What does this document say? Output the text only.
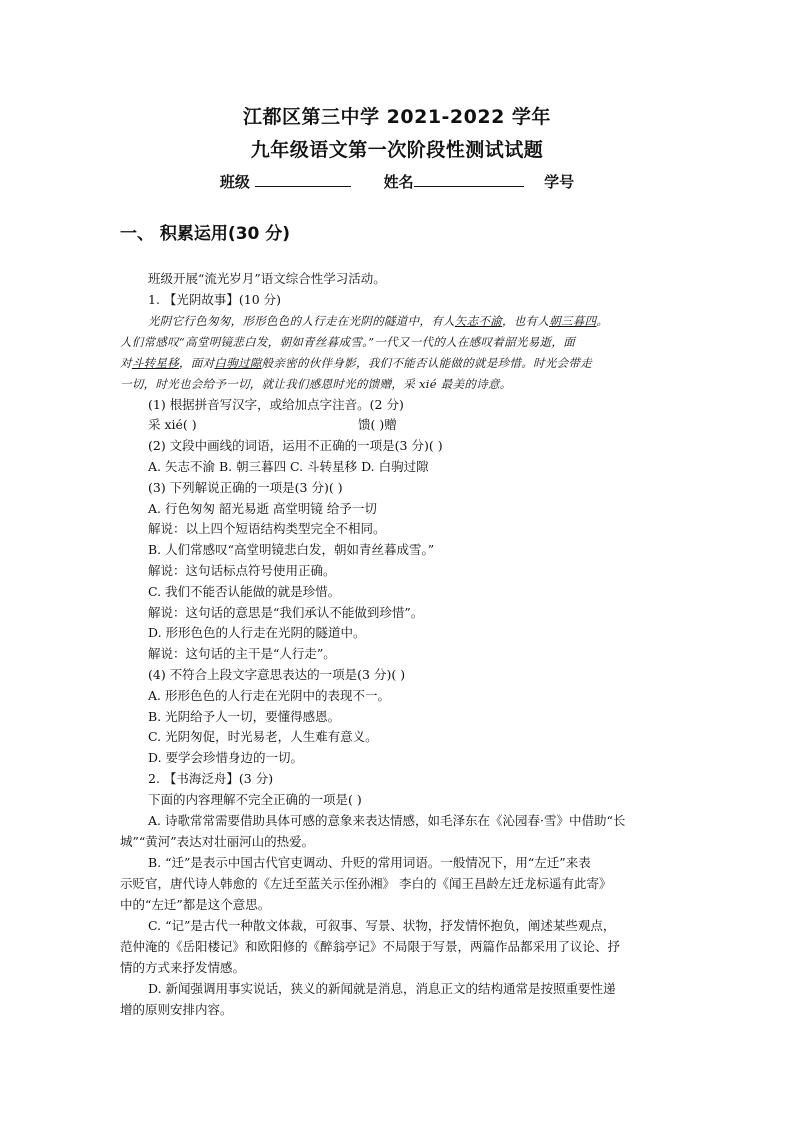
江都区第三中学 2021-2022 学年
九年级语文第一次阶段性测试试题
班级	姓名	学号
一、 积累运用(30 分)
班级开展“流光岁月”语文综合性学习活动。
1. 【光阴故事】(10 分)
光阴它行色匆匆，形形色色的人行走在光阴的隧道中，有人矢志不渝，也有人朝三暮四。
人们常感叹“高堂明镜悲白发，朝如青丝暮成雪。”一代又一代的人在感叹着韶光易逝，面
对斗转星移，面对白驹过隙般亲密的伙伴身影，我们不能否认能做的就是珍惜。时光会带走
一切，时光也会给予一切，就让我们感恩时光的馈赠，采 xié 最美的诗意。
(1) 根据拼音写汉字，或给加点字注音。(2 分)
采 xié( )	馈( )赠
(2) 文段中画线的词语，运用不正确的一项是(3 分)( )
A. 矢志不渝 B. 朝三暮四 C. 斗转星移 D. 白驹过隙
(3) 下列解说正确的一项是(3 分)( )
A. 行色匆匆 韶光易逝 高堂明镜 给予一切
解说：以上四个短语结构类型完全不相同。
B. 人们常感叹“高堂明镜悲白发，朝如青丝暮成雪。”
解说：这句话标点符号使用正确。
C. 我们不能否认能做的就是珍惜。
解说：这句话的意思是“我们承认不能做到珍惜”。
D. 形形色色的人行走在光阴的隧道中。
解说：这句话的主干是“人行走”。
(4) 不符合上段文字意思表达的一项是(3 分)( )
A. 形形色色的人行走在光阴中的表现不一。
B. 光阴给予人一切，要懂得感恩。
C. 光阴匆促，时光易老，人生难有意义。
D. 要学会珍惜身边的一切。
2. 【书海泛舟】(3 分)
下面的内容理解不完全正确的一项是( )
A. 诗歌常常需要借助具体可感的意象来表达情感，如毛泽东在《沁园春·雪》中借助“长
城”“黄河”表达对壮丽河山的热爱。
B. “迁”是表示中国古代官吏调动、升贬的常用词语。一般情况下，用“左迁”来表
示贬官，唐代诗人韩愈的《左迁至蓝关示侄孙湘》 李白的《闻王昌龄左迁龙标遥有此寄》
中的“左迁”都是这个意思。
C. “记”是古代一种散文体裁，可叙事、写景、状物，抒发情怀抱负，阐述某些观点，
范仲淹的《岳阳楼记》和欧阳修的《醉翁亭记》不局限于写景，两篇作品都采用了议论、抒
情的方式来抒发情感。
D. 新闻强调用事实说话，狭义的新闻就是消息，消息正文的结构通常是按照重要性递
增的原则安排内容。
